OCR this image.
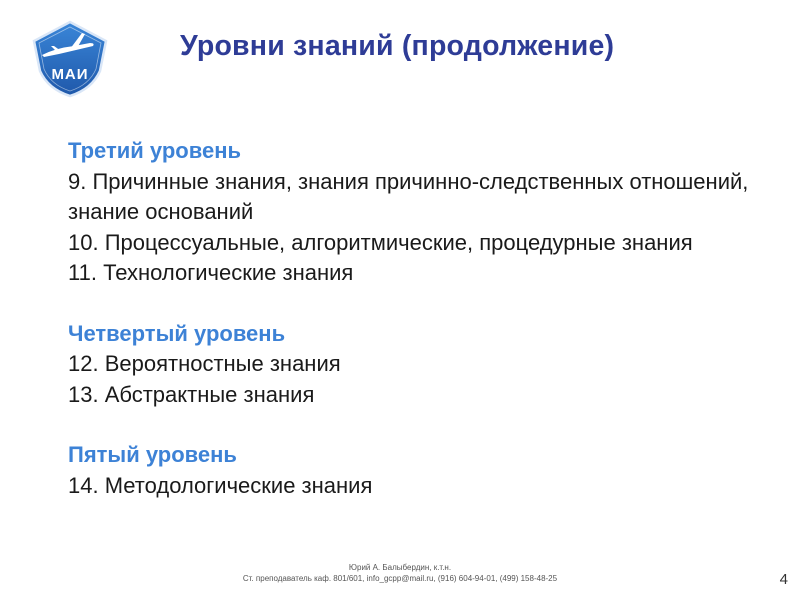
МАИ
Уровни знаний (продолжение)
Третий уровень
9. Причинные знания, знания причинно-следственных отношений, знание оснований
10. Процессуальные, алгоритмические, процедурные знания
11. Технологические знания
Четвертый уровень
12. Вероятностные знания
13. Абстрактные знания
Пятый уровень
14. Методологические знания
Юрий А. Балыбердин, к.т.н.
Ст. преподаватель каф. 801/601, info_gcpp@mail.ru, (916) 604-94-01, (499) 158-48-25	4
